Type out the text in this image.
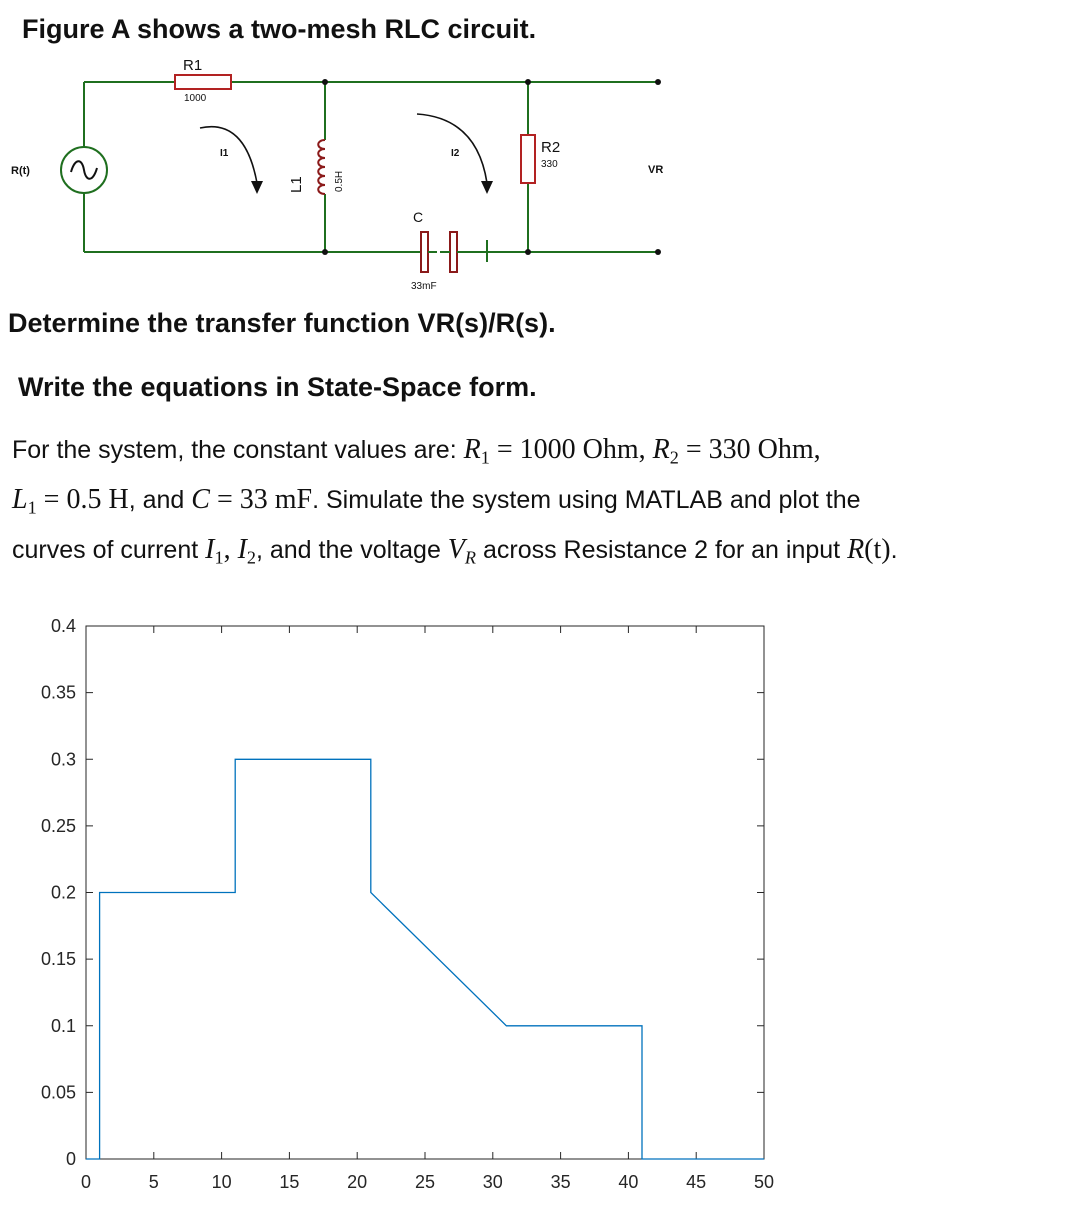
Figure A shows a two-mesh RLC circuit.
R1
1000
R(t)
I1	I2
L1	0.5H
C
33mF
R2
330	VR
Determine the transfer function VR(s)/R(s).
Write the equations in State-Space form.
For the system, the constant values are: $R_1 = 1000$ Ohm, $R_2 = 330$ Ohm,
$L_1 = 0.5$ H, and C = 33 mF. Simulate the system using MATLAB and plot the
curves of current $I_1$, $I_2$, and the voltage $V_R$ across Resistance 2 for an input R(t).
0	5	10	15	20	25	30	35	40	45	50
0
0.05
0.1
0.15
0.2
0.25
0.3
0.35
0.4
